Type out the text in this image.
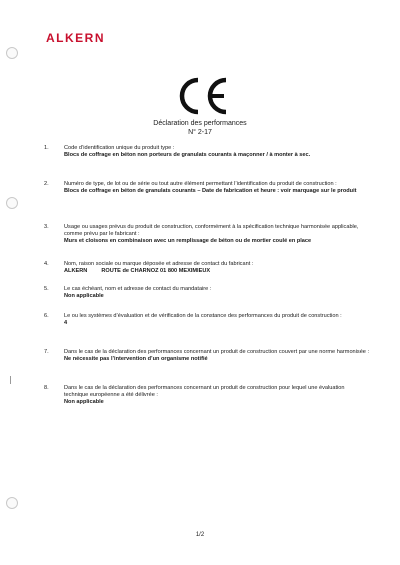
ALKERN
Déclaration des performances
N° 2-17
1.	Code d’identification unique du produit type :
Blocs de coffrage en béton non porteurs de granulats courants à maçonner / à monter à sec.
2.	Numéro de type, de lot ou de série ou tout autre élément permettant l’identification du produit de construction :
Blocs de coffrage en béton de granulats courants – Date de fabrication et heure : voir marquage sur le produit
3.	Usage ou usages prévus du produit de construction, conformément à la spécification technique harmonisée applicable, comme prévu par le fabricant :
Murs et cloisons en combinaison avec un remplissage de béton ou de mortier coulé en place
4.	Nom, raison sociale ou marque déposée et adresse de contact du fabricant :
ALKERN	ROUTE de CHARNOZ 01 800 MEXIMIEUX
5.	Le cas échéant, nom et adresse de contact du mandataire :
Non applicable
6.	Le ou les systèmes d’évaluation et de vérification de la constance des performances du produit de construction :
4
7.	Dans le cas de la déclaration des performances concernant un produit de construction couvert par une norme harmonisée :
Ne nécessite pas l’intervention d’un organisme notifié
8.	Dans le cas de la déclaration des performances concernant un produit de construction pour lequel une évaluation technique européenne a été délivrée :
Non applicable
1/2
